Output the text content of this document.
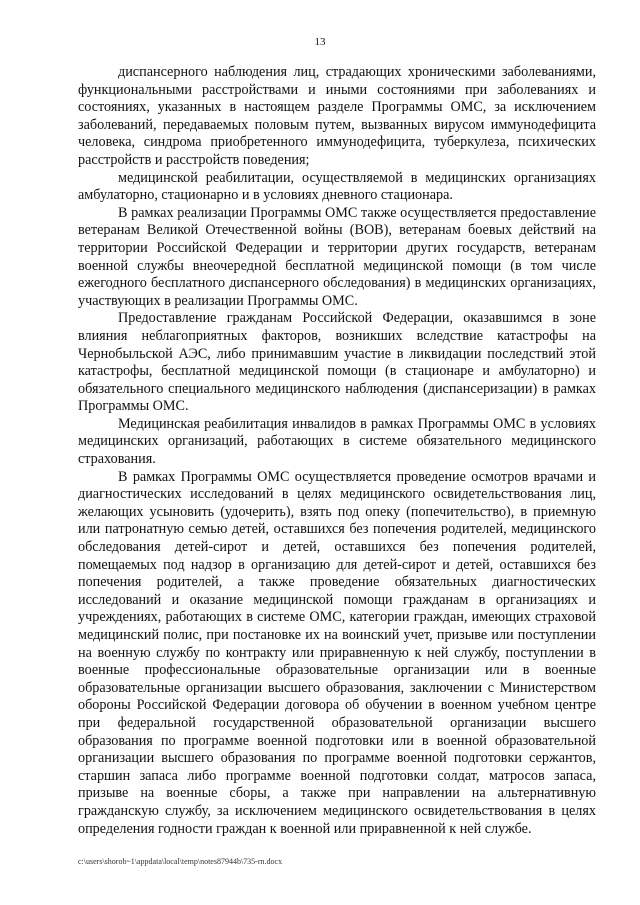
13

диспансерного наблюдения лиц, страдающих хроническими заболеваниями, функциональными расстройствами и иными состояниями при заболеваниях и состояниях, указанных в настоящем разделе Программы ОМС, за исключением заболеваний, передаваемых половым путем, вызванных вирусом иммунодефицита человека, синдрома приобретенного иммунодефицита, туберкулеза, психических расстройств и расстройств поведения;

медицинской реабилитации, осуществляемой в медицинских организациях амбулаторно, стационарно и в условиях дневного стационара.

В рамках реализации Программы ОМС также осуществляется предоставление ветеранам Великой Отечественной войны (ВОВ), ветеранам боевых действий на территории Российской Федерации и территории других государств, ветеранам военной службы внеочередной бесплатной медицинской помощи (в том числе ежегодного бесплатного диспансерного обследования) в медицинских организациях, участвующих в реализации Программы ОМС.

Предоставление гражданам Российской Федерации, оказавшимся в зоне влияния неблагоприятных факторов, возникших вследствие катастрофы на Чернобыльской АЭС, либо принимавшим участие в ликвидации последствий этой катастрофы, бесплатной медицинской помощи (в стационаре и амбулаторно) и обязательного специального медицинского наблюдения (диспансеризации) в рамках Программы ОМС.

Медицинская реабилитация инвалидов в рамках Программы ОМС в условиях медицинских организаций, работающих в системе обязательного медицинского страхования.

В рамках Программы ОМС осуществляется проведение осмотров врачами и диагностических исследований в целях медицинского освидетельствования лиц, желающих усыновить (удочерить), взять под опеку (попечительство), в приемную или патронатную семью детей, оставшихся без попечения родителей, медицинского обследования детей-сирот и детей, оставшихся без попечения родителей, помещаемых под надзор в организацию для детей-сирот и детей, оставшихся без попечения родителей, а также проведение обязательных диагностических исследований и оказание медицинской помощи гражданам в организациях и учреждениях, работающих в системе ОМС, категории граждан, имеющих страховой медицинский полис, при постановке их на воинский учет, призыве или поступлении на военную службу по контракту или приравненную к ней службу, поступлении в военные профессиональные образовательные организации или в военные образовательные организации высшего образования, заключении с Министерством обороны Российской Федерации договора об обучении в военном учебном центре при федеральной государственной образовательной организации высшего образования по программе военной подготовки или в военной образовательной организации высшего образования по программе военной подготовки сержантов, старшин запаса либо программе военной подготовки солдат, матросов запаса, призыве на военные сборы, а также при направлении на альтернативную гражданскую службу, за исключением медицинского освидетельствования в целях определения годности граждан к военной или приравненной к ней службе.

c:\users\shorob~1\appdata\local\temp\notes87944b\735-rn.docx
